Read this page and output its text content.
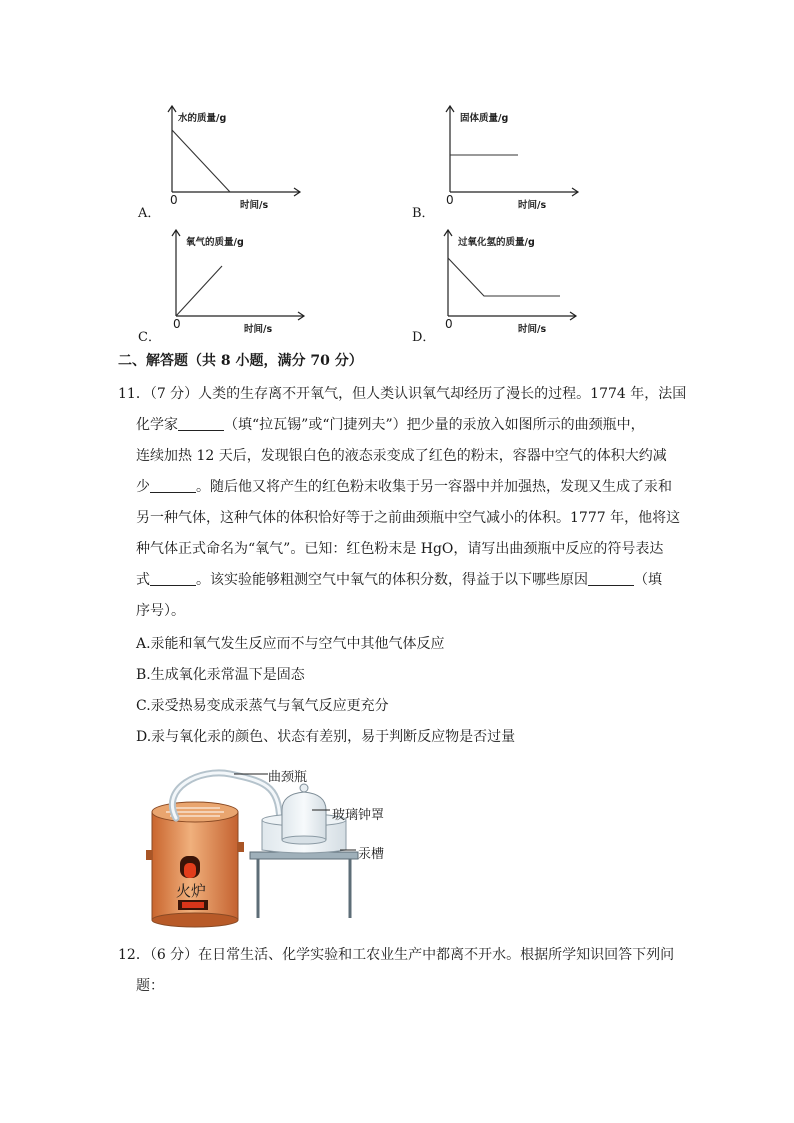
A．
水的质量/g
时间/s
0
B．
固体质量/g
时间/s
0
C．
氧气的质量/g
时间/s
0
D．
过氧化氢的质量/g
时间/s
0
二、解答题（共 8 小题，满分 70 分）
11．（7 分）人类的生存离不开氧气，但人类认识氧气却经历了漫长的过程。1774 年，法国
化学家	（填“拉瓦锡”或“门捷列夫”）把少量的汞放入如图所示的曲颈瓶中，
连续加热 12 天后，发现银白色的液态汞变成了红色的粉末，容器中空气的体积大约减
少	。随后他又将产生的红色粉末收集于另一容器中并加强热，发现又生成了汞和
另一种气体，这种气体的体积恰好等于之前曲颈瓶中空气减小的体积。1777 年，他将这
种气体正式命名为“氧气”。已知：红色粉末是 HgO，请写出曲颈瓶中反应的符号表达
式	。该实验能够粗测空气中氧气的体积分数，得益于以下哪些原因	（填
序号）。
A.汞能和氧气发生反应而不与空气中其他气体反应
B.生成氧化汞常温下是固态
C.汞受热易变成汞蒸气与氧气反应更充分
D.汞与氧化汞的颜色、状态有差别，易于判断反应物是否过量
曲颈瓶
玻璃钟罩
汞槽
火炉
12．（6 分）在日常生活、化学实验和工农业生产中都离不开水。根据所学知识回答下列问
题：
